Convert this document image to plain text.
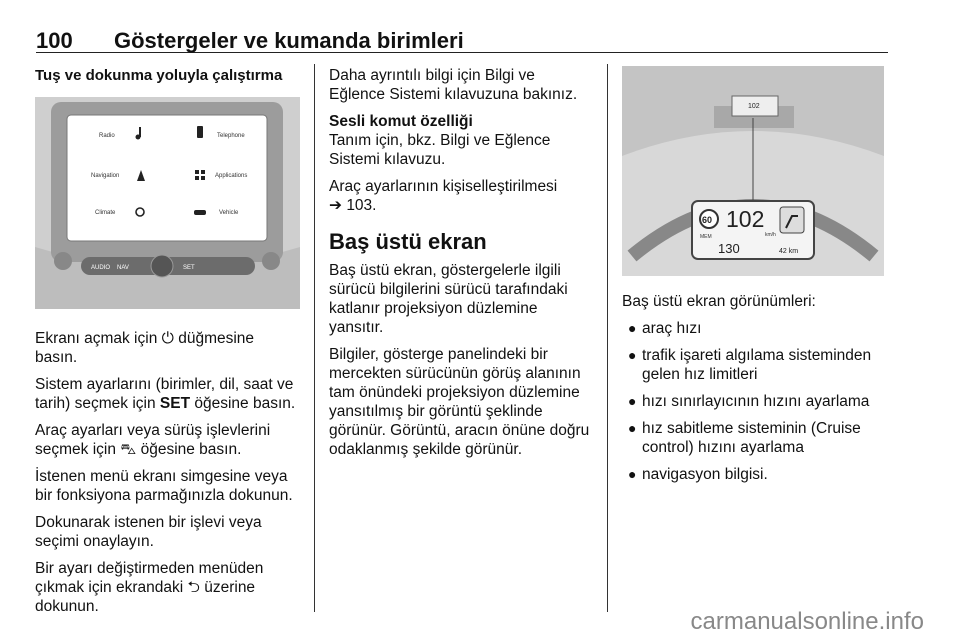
100 Göstergeler ve kumanda birimleri
Tuş ve dokunma yoluyla çalıştırma
Radio	Telephone
Navigation	Applications
Climate	Vehicle
AUDIO NAV	SET

Ekranı açmak için ⏻ düğmesine basın.

Sistem ayarlarını (birimler, dil, saat ve tarih) seçmek için SET öğesine basın.

Araç ayarları veya sürüş işlevlerini seçmek için ⛍ öğesine basın.

İstenen menü ekranı simgesine veya bir fonksiyona parmağınızla dokunun.

Dokunarak istenen bir işlevi veya seçimi onaylayın.

Bir ayarı değiştirmeden menüden çıkmak için ekrandaki ⮌ üzerine dokunun.

Daha ayrıntılı bilgi için Bilgi ve Eğlence Sistemi kılavuzuna bakınız.

Sesli komut özelliği

Tanım için, bkz. Bilgi ve Eğlence Sistemi kılavuzu.

Araç ayarlarının kişiselleştirilmesi
➔ 103.

Baş üstü ekran

Baş üstü ekran, göstergelerle ilgili sürücü bilgilerini sürücü tarafındaki katlanır projeksiyon düzlemine yansıtır.

Bilgiler, gösterge panelindeki bir mercekten sürücünün görüş alanının tam önündeki projeksiyon düzlemine yansıtılmış bir görüntü şeklinde görünür. Görüntü, aracın önüne doğru odaklanmış şekilde görünür.

102
60
MEM
102
km/h
130	42 km

Baş üstü ekran görünümleri:

● araç hızı
● trafik işareti algılama sisteminden gelen hız limitleri
● hızı sınırlayıcının hızını ayarlama
● hız sabitleme sisteminin (Cruise control) hızını ayarlama
● navigasyon bilgisi.
carmanualsonline.info
